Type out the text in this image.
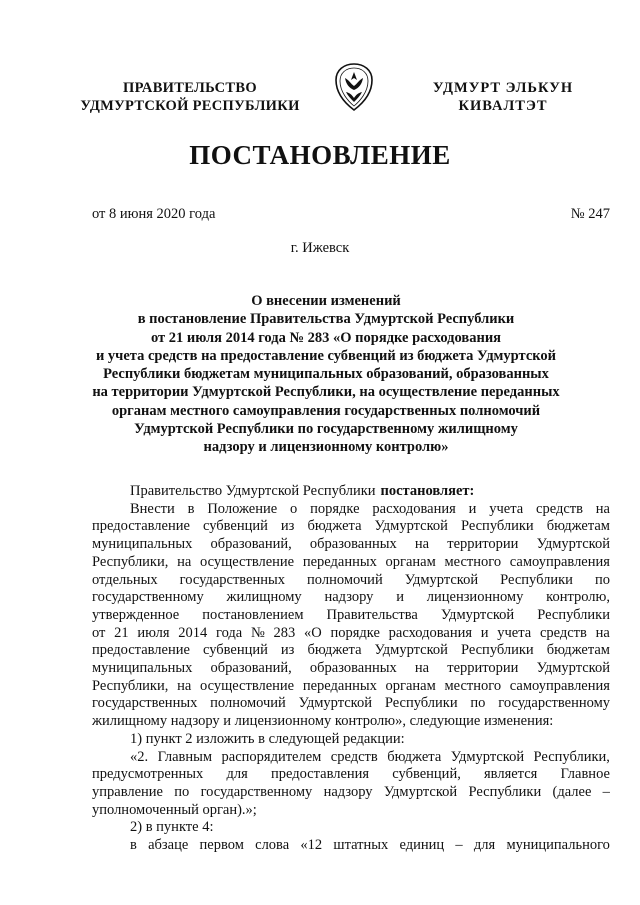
ПРАВИТЕЛЬСТВО
УДМУРТСКОЙ РЕСПУБЛИКИ
УДМУРТ ЭЛЬКУН
КИВАЛТЭТ
ПОСТАНОВЛЕНИЕ
от 8 июня 2020 года	№ 247
г. Ижевск
О внесении изменений
в постановление Правительства Удмуртской Республики
от 21 июля 2014 года № 283 «О порядке расходования
и учета средств на предоставление субвенций из бюджета Удмуртской
Республики бюджетам муниципальных образований, образованных
на территории Удмуртской Республики, на осуществление переданных
органам местного самоуправления государственных полномочий
Удмуртской Республики по государственному жилищному
надзору и лицензионному контролю»
Правительство Удмуртской Республики постановляет:
Внести в Положение о порядке расходования и учета средств на
предоставление субвенций из бюджета Удмуртской Республики бюджетам
муниципальных образований, образованных на территории Удмуртской
Республики, на осуществление переданных органам местного самоуправления
отдельных государственных полномочий Удмуртской Республики по
государственному жилищному надзору и лицензионному контролю,
утвержденное постановлением Правительства Удмуртской Республики
от 21 июля 2014 года № 283 «О порядке расходования и учета средств на
предоставление субвенций из бюджета Удмуртской Республики бюджетам
муниципальных образований, образованных на территории Удмуртской
Республики, на осуществление переданных органам местного самоуправления
государственных полномочий Удмуртской Республики по государственному
жилищному надзору и лицензионному контролю», следующие изменения:
1) пункт 2 изложить в следующей редакции:
«2. Главным распорядителем средств бюджета Удмуртской Республики,
предусмотренных для предоставления субвенций, является Главное
управление по государственному надзору Удмуртской Республики (далее –
уполномоченный орган).»;
2) в пункте 4:
в абзаце первом слова «12 штатных единиц – для муниципального
